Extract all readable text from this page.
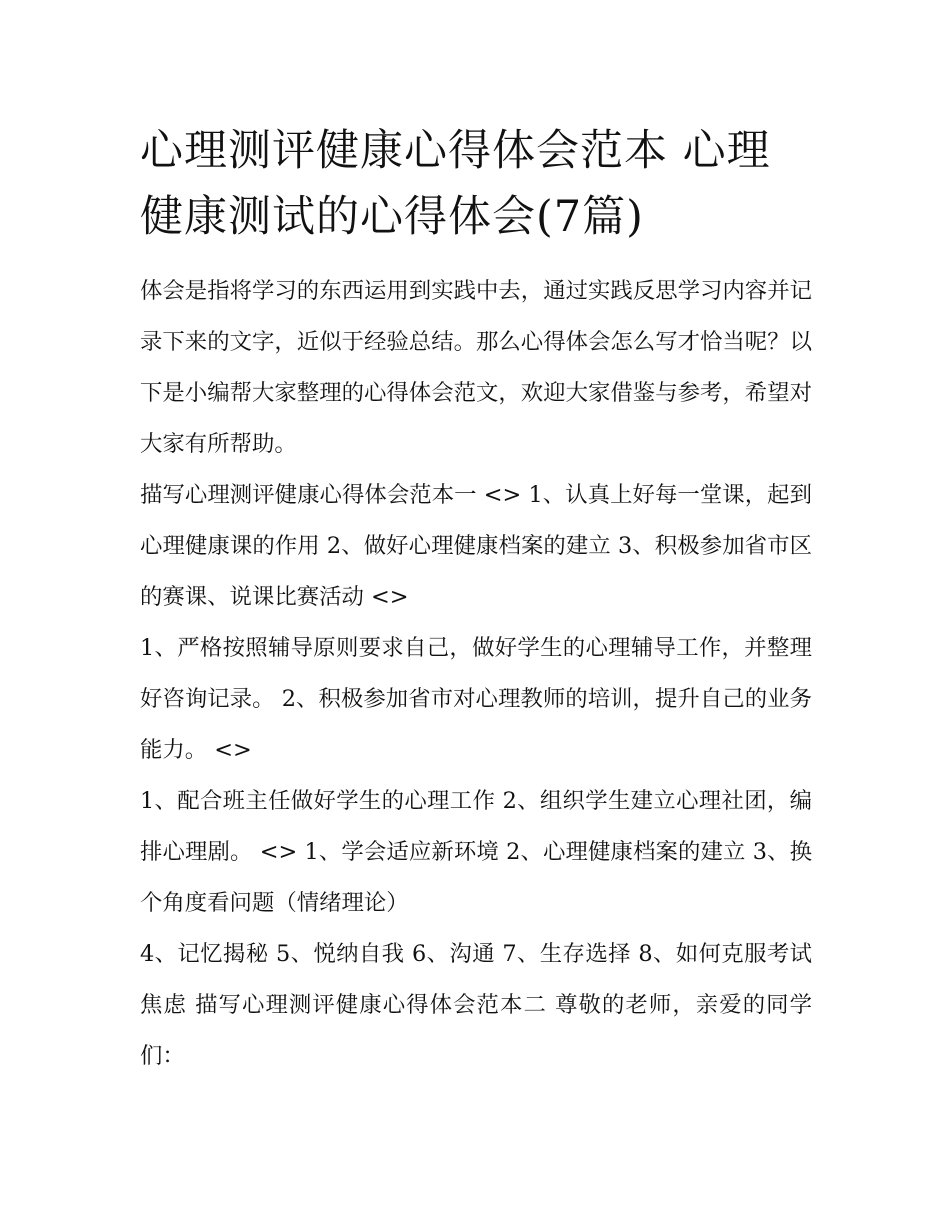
心理测评健康心得体会范本 心理健康测试的心得体会(7篇)

体会是指将学习的东西运用到实践中去，通过实践反思学习内容并记录下来的文字，近似于经验总结。那么心得体会怎么写才恰当呢？以下是小编帮大家整理的心得体会范文，欢迎大家借鉴与参考，希望对大家有所帮助。

描写心理测评健康心得体会范本一 <> 1、认真上好每一堂课，起到心理健康课的作用 2、做好心理健康档案的建立 3、积极参加省市区的赛课、说课比赛活动 <>

1、严格按照辅导原则要求自己，做好学生的心理辅导工作，并整理好咨询记录。 2、积极参加省市对心理教师的培训，提升自己的业务能力。 <>

1、配合班主任做好学生的心理工作 2、组织学生建立心理社团，编排心理剧。 <> 1、学会适应新环境 2、心理健康档案的建立 3、换个角度看问题（情绪理论）

4、记忆揭秘 5、悦纳自我 6、沟通 7、生存选择 8、如何克服考试焦虑 描写心理测评健康心得体会范本二 尊敬的老师，亲爱的同学们：
